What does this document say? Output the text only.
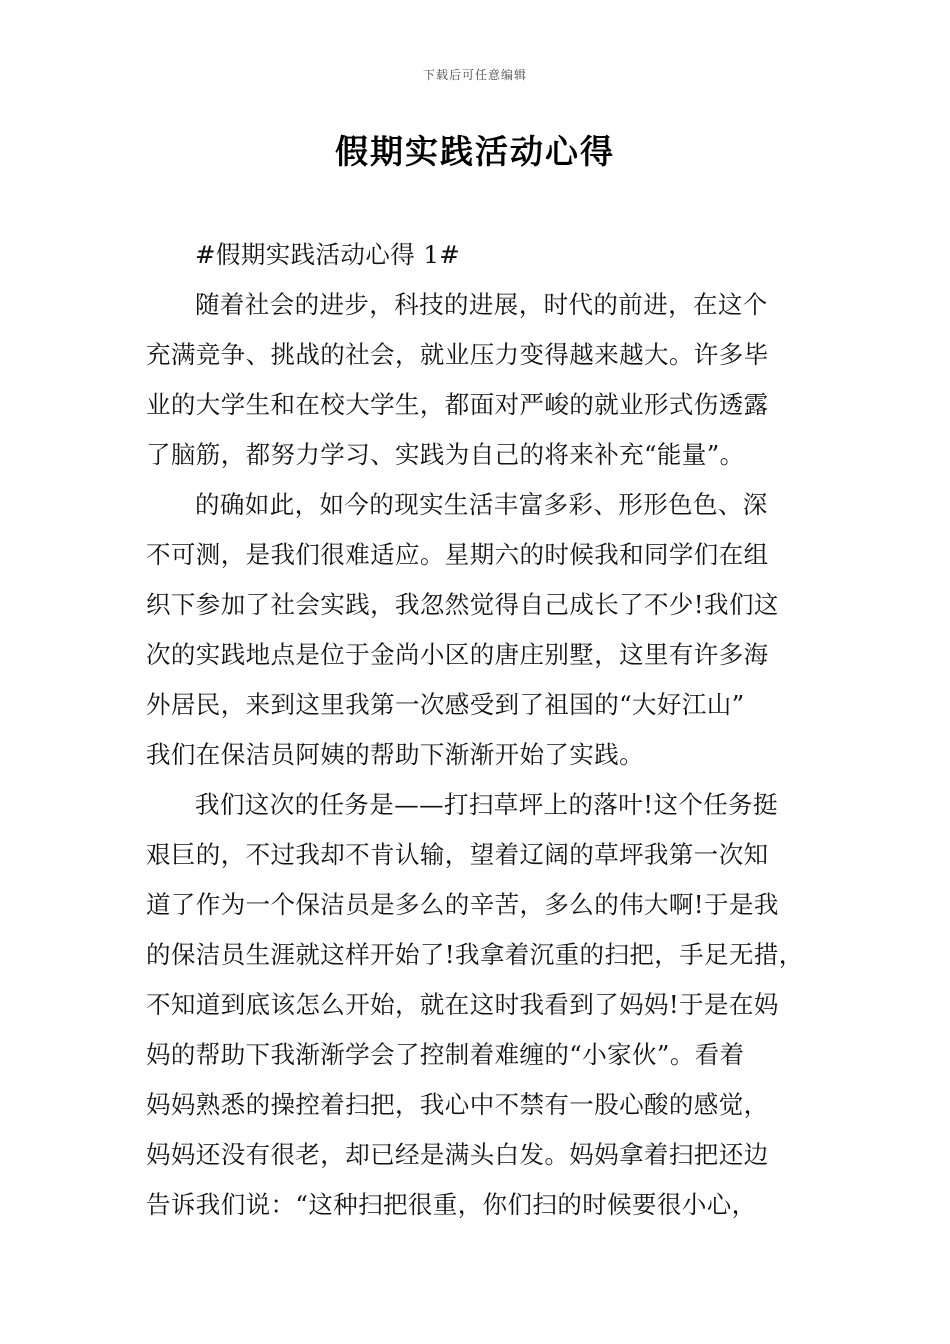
下载后可任意编辑
假期实践活动心得
#假期实践活动心得 1#
随着社会的进步，科技的进展，时代的前进，在这个
充满竞争、挑战的社会，就业压力变得越来越大。许多毕
业的大学生和在校大学生，都面对严峻的就业形式伤透露
了脑筋，都努力学习、实践为自己的将来补充“能量”。
的确如此，如今的现实生活丰富多彩、形形色色、深
不可测，是我们很难适应。星期六的时候我和同学们在组
织下参加了社会实践，我忽然觉得自己成长了不少!我们这
次的实践地点是位于金尚小区的唐庄别墅，这里有许多海
外居民，来到这里我第一次感受到了祖国的“大好江山”
我们在保洁员阿姨的帮助下渐渐开始了实践。
我们这次的任务是——打扫草坪上的落叶!这个任务挺
艰巨的，不过我却不肯认输，望着辽阔的草坪我第一次知
道了作为一个保洁员是多么的辛苦，多么的伟大啊!于是我
的保洁员生涯就这样开始了!我拿着沉重的扫把，手足无措，
不知道到底该怎么开始，就在这时我看到了妈妈!于是在妈
妈的帮助下我渐渐学会了控制着难缠的“小家伙”。看着
妈妈熟悉的操控着扫把，我心中不禁有一股心酸的感觉，
妈妈还没有很老，却已经是满头白发。妈妈拿着扫把还边
告诉我们说：“这种扫把很重，你们扫的时候要很小心，
